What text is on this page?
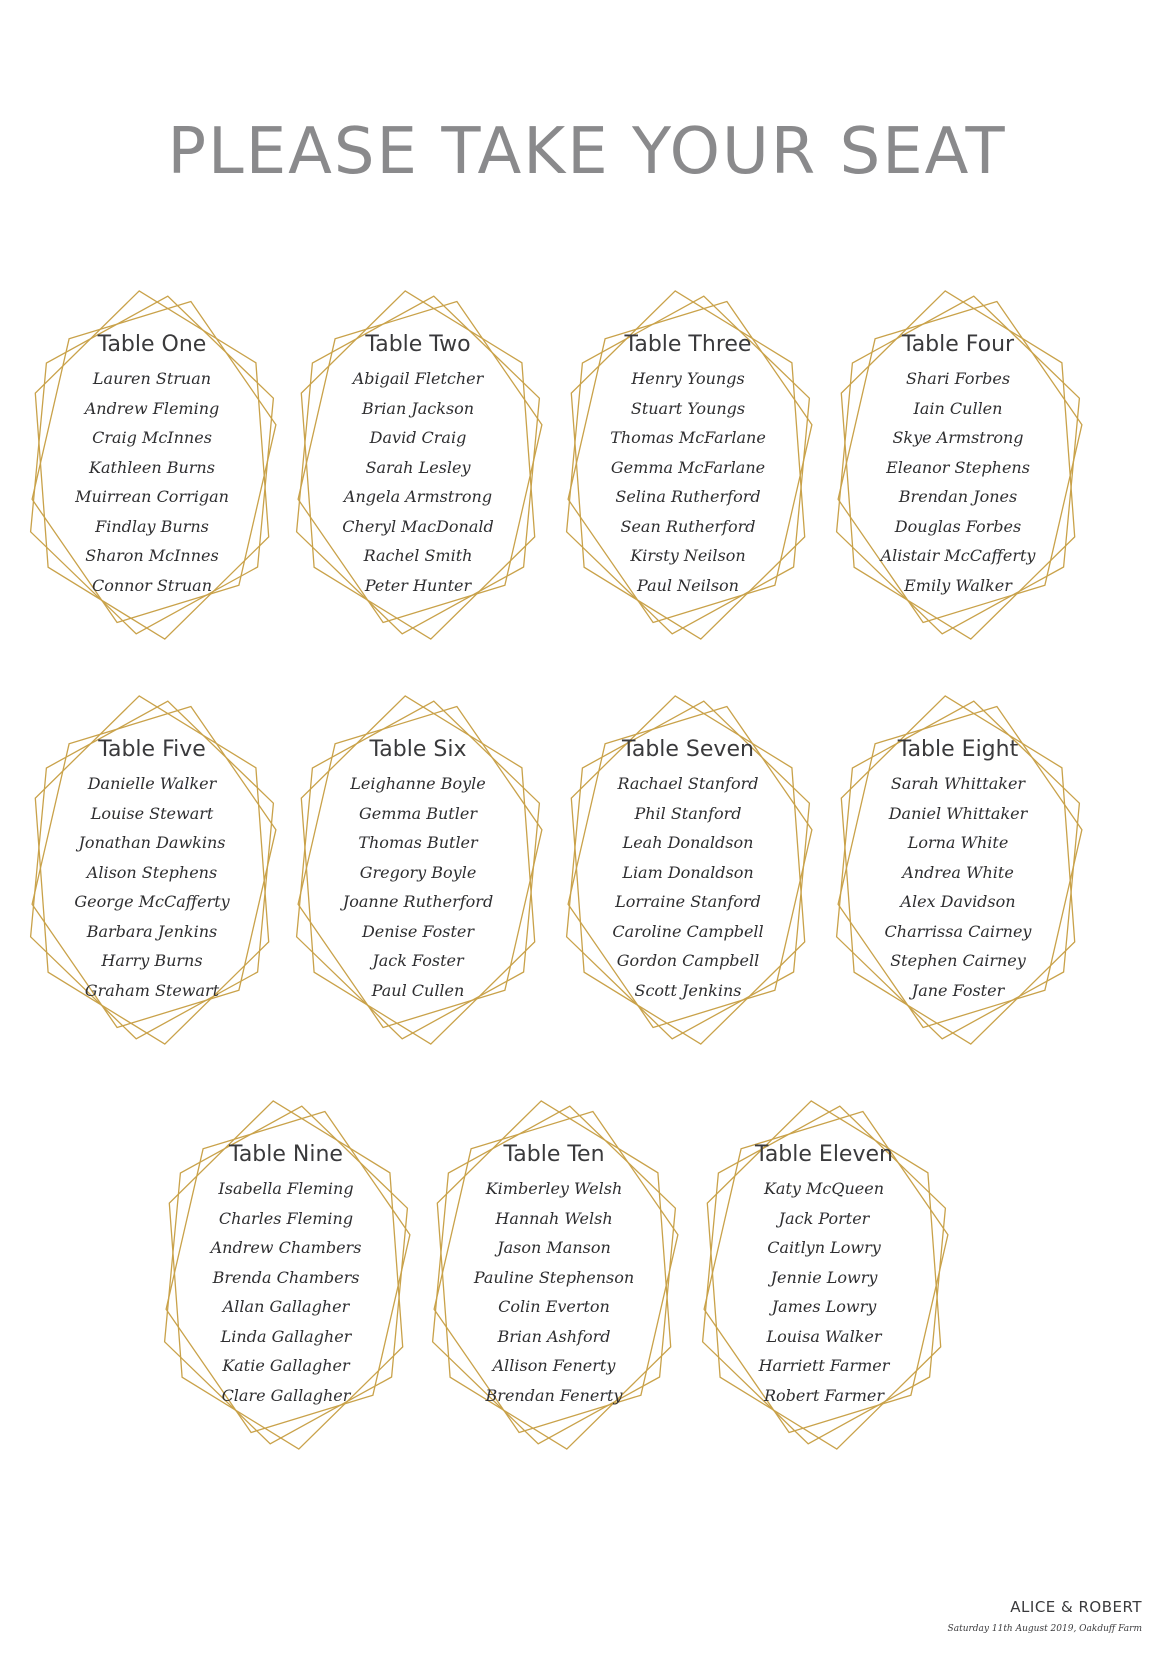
PLEASE TAKE YOUR SEAT
Table One
Lauren Struan
Andrew Fleming
Craig McInnes
Kathleen Burns
Muirrean Corrigan
Findlay Burns
Sharon McInnes
Connor Struan
Table Two
Abigail Fletcher
Brian Jackson
David Craig
Sarah Lesley
Angela Armstrong
Cheryl MacDonald
Rachel Smith
Peter Hunter
Table Three
Henry Youngs
Stuart Youngs
Thomas McFarlane
Gemma McFarlane
Selina Rutherford
Sean Rutherford
Kirsty Neilson
Paul Neilson
Table Four
Shari Forbes
Iain Cullen
Skye Armstrong
Eleanor Stephens
Brendan Jones
Douglas Forbes
Alistair McCafferty
Emily Walker
Table Five
Danielle Walker
Louise Stewart
Jonathan Dawkins
Alison Stephens
George McCafferty
Barbara Jenkins
Harry Burns
Graham Stewart
Table Six
Leighanne Boyle
Gemma Butler
Thomas Butler
Gregory Boyle
Joanne Rutherford
Denise Foster
Jack Foster
Paul Cullen
Table Seven
Rachael Stanford
Phil Stanford
Leah Donaldson
Liam Donaldson
Lorraine Stanford
Caroline Campbell
Gordon Campbell
Scott Jenkins
Table Eight
Sarah Whittaker
Daniel Whittaker
Lorna White
Andrea White
Alex Davidson
Charrissa Cairney
Stephen Cairney
Jane Foster
Table Nine
Isabella Fleming
Charles Fleming
Andrew Chambers
Brenda Chambers
Allan Gallagher
Linda Gallagher
Katie Gallagher
Clare Gallagher
Table Ten
Kimberley Welsh
Hannah Welsh
Jason Manson
Pauline Stephenson
Colin Everton
Brian Ashford
Allison Fenerty
Brendan Fenerty
Table Eleven
Katy McQueen
Jack Porter
Caitlyn Lowry
Jennie Lowry
James Lowry
Louisa Walker
Harriett Farmer
Robert Farmer
ALICE & ROBERT
Saturday 11th August 2019, Oakduff Farm
